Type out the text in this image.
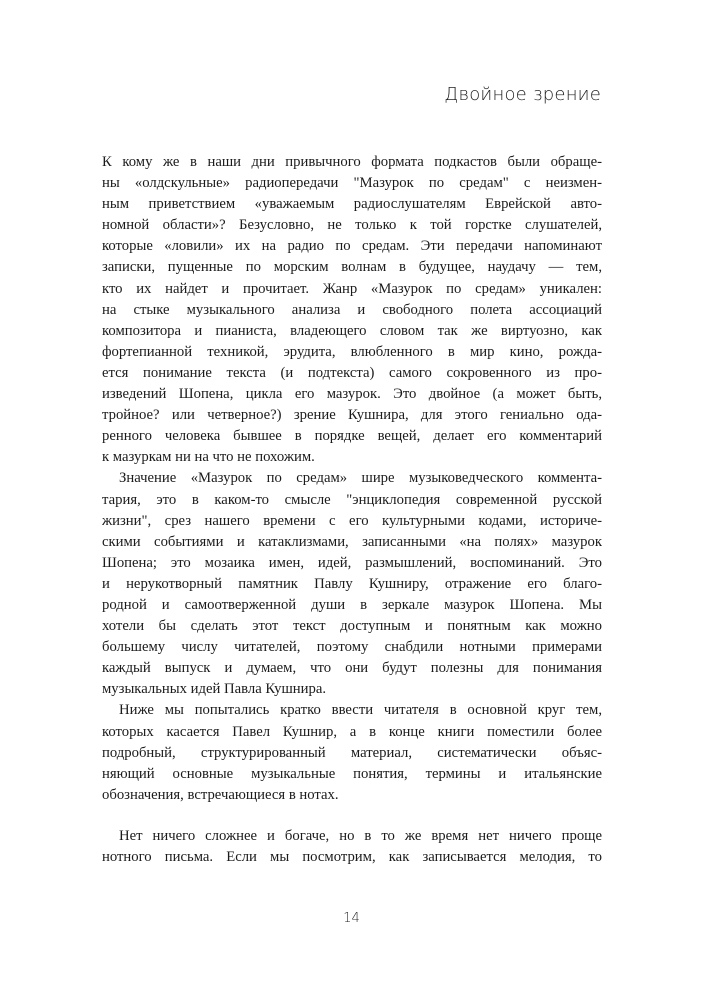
Двойное зрение
К кому же в наши дни привычного формата подкастов были обраще-
ны «олдскульные» радиопередачи "Мазурок по средам" с неизмен-
ным приветствием «уважаемым радиослушателям Еврейской авто-
номной области»? Безусловно, не только к той горстке слушателей,
которые «ловили» их на радио по средам. Эти передачи напоминают
записки, пущенные по морским волнам в будущее, наудачу — тем,
кто их найдет и прочитает. Жанр «Мазурок по средам» уникален:
на стыке музыкального анализа и свободного полета ассоциаций
композитора и пианиста, владеющего словом так же виртуозно, как
фортепианной техникой, эрудита, влюбленного в мир кино, рожда-
ется понимание текста (и подтекста) самого сокровенного из про-
изведений Шопена, цикла его мазурок. Это двойное (а может быть,
тройное? или четверное?) зрение Кушнира, для этого гениально ода-
ренного человека бывшее в порядке вещей, делает его комментарий
к мазуркам ни на что не похожим.
Значение «Мазурок по средам» шире музыковедческого коммента-
тария, это в каком-то смысле "энциклопедия современной русской
жизни", срез нашего времени с его культурными кодами, историче-
скими событиями и катаклизмами, записанными «на полях» мазурок
Шопена; это мозаика имен, идей, размышлений, воспоминаний. Это
и нерукотворный памятник Павлу Кушниру, отражение его благо-
родной и самоотверженной души в зеркале мазурок Шопена. Мы
хотели бы сделать этот текст доступным и понятным как можно
большему числу читателей, поэтому снабдили нотными примерами
каждый выпуск и думаем, что они будут полезны для понимания
музыкальных идей Павла Кушнира.
Ниже мы попытались кратко ввести читателя в основной круг тем,
которых касается Павел Кушнир, а в конце книги поместили более
подробный, структурированный материал, систематически объяс-
няющий основные музыкальные понятия, термины и итальянские
обозначения, встречающиеся в нотах.
Нет ничего сложнее и богаче, но в то же время нет ничего проще
нотного письма. Если мы посмотрим, как записывается мелодия, то
14
